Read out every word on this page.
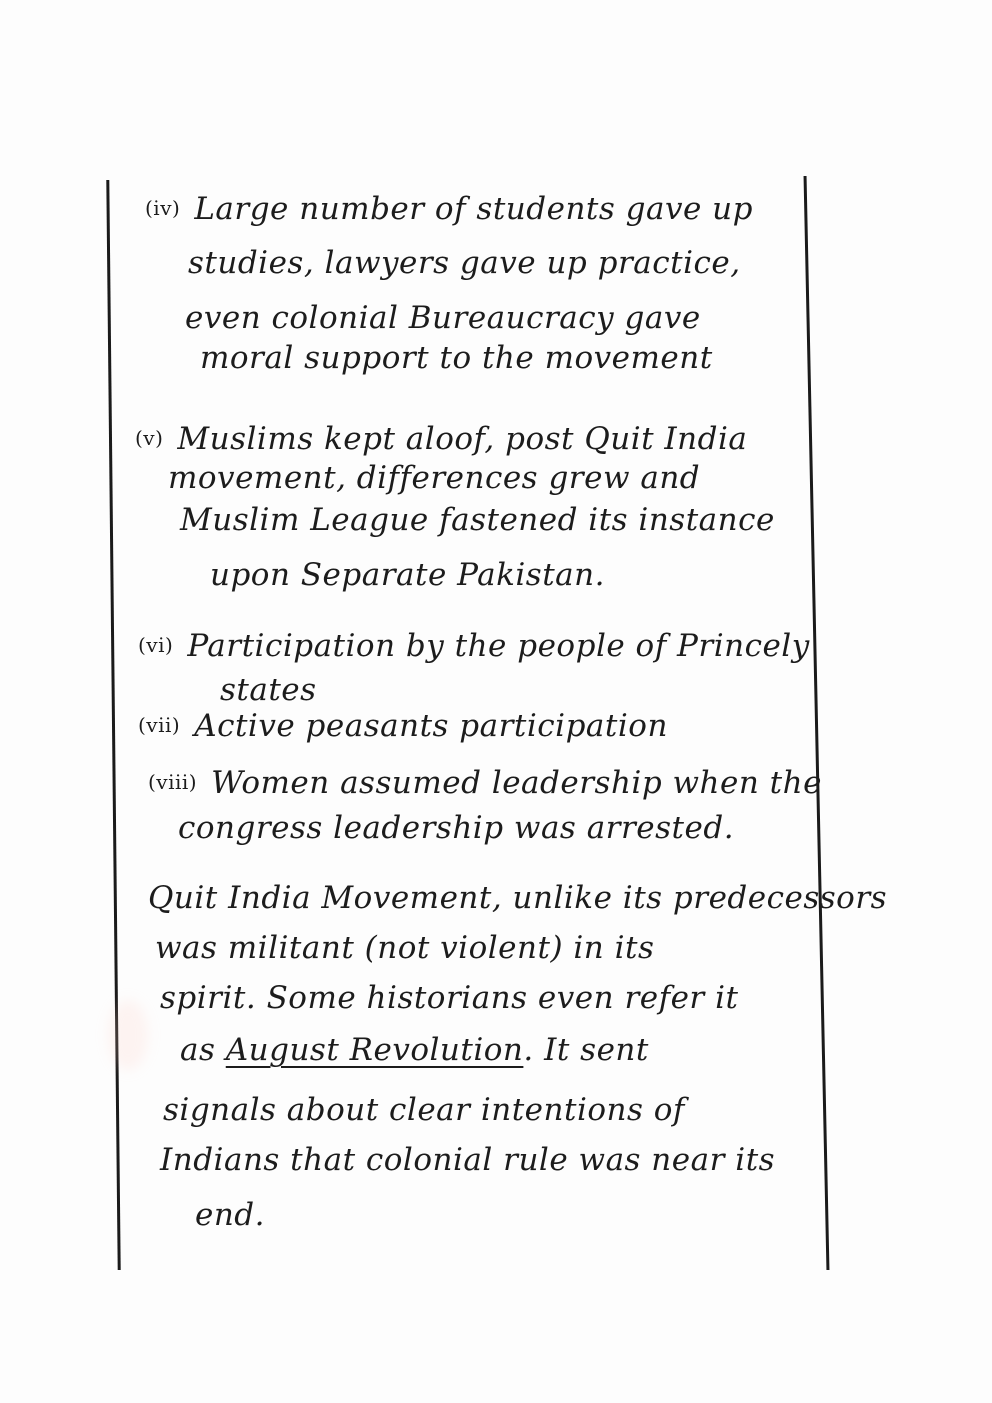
(iv) Large number of students gave up
studies, lawyers gave up practice,
even colonial Bureaucracy gave
moral support to the movement
(v) Muslims kept aloof, post Quit India
movement, differences grew and
Muslim League fastened its instance
upon Separate Pakistan.
(vi) Participation by the people of Princely
states
(vii) Active peasants participation
(viii) Women assumed leadership when the
congress leadership was arrested.
Quit India Movement, unlike its predecessors
was militant (not violent) in its
spirit. Some historians even refer it
as August Revolution. It sent
signals about clear intentions of
Indians that colonial rule was near its
end.
